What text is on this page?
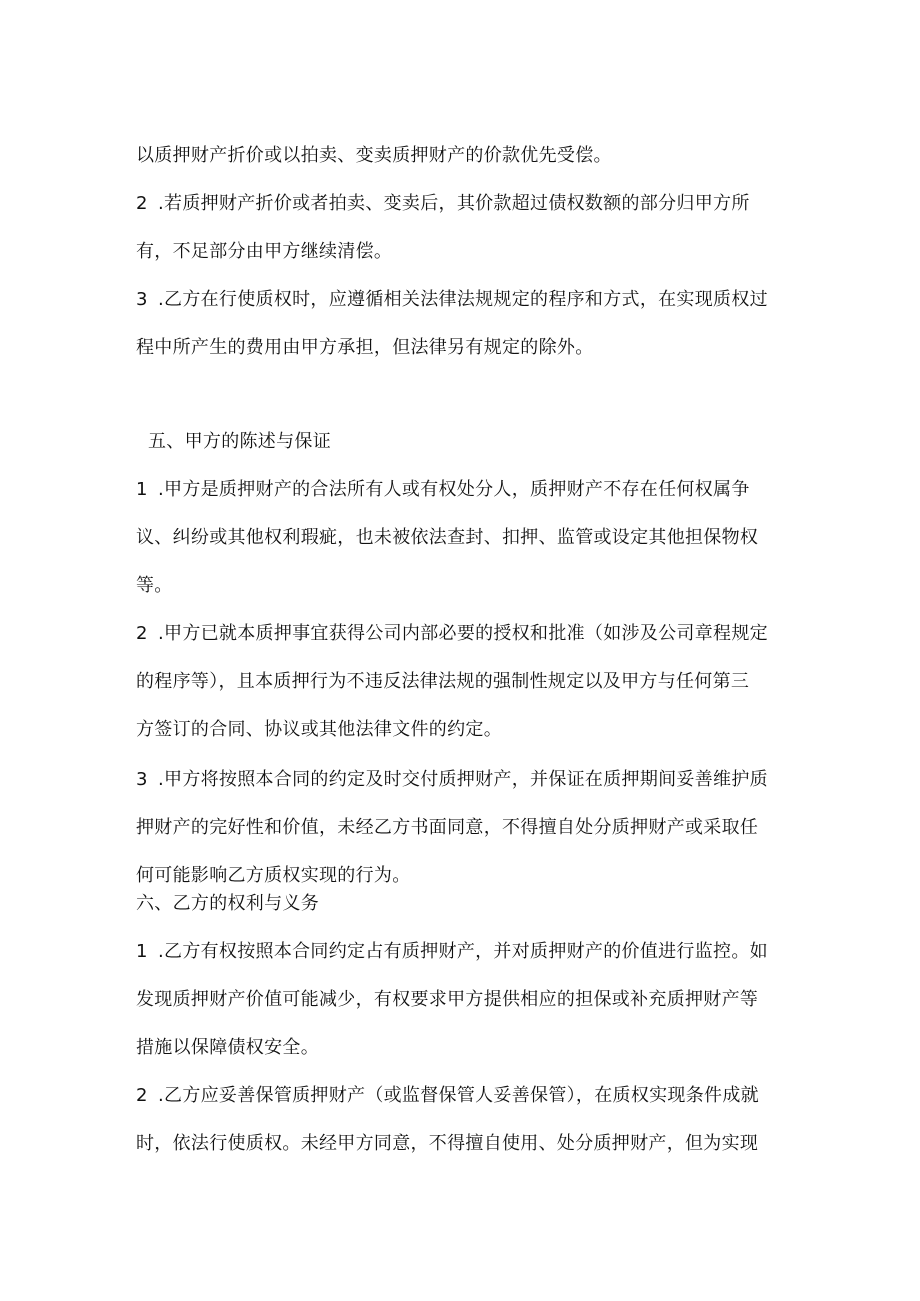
以质押财产折价或以拍卖、变卖质押财产的价款优先受偿。
2 .若质押财产折价或者拍卖、变卖后，其价款超过债权数额的部分归甲方所
有，不足部分由甲方继续清偿。
3 .乙方在行使质权时，应遵循相关法律法规规定的程序和方式，在实现质权过
程中所产生的费用由甲方承担，但法律另有规定的除外。
五、甲方的陈述与保证
1 .甲方是质押财产的合法所有人或有权处分人，质押财产不存在任何权属争
议、纠纷或其他权利瑕疵，也未被依法查封、扣押、监管或设定其他担保物权
等。
2 .甲方已就本质押事宜获得公司内部必要的授权和批准（如涉及公司章程规定
的程序等），且本质押行为不违反法律法规的强制性规定以及甲方与任何第三
方签订的合同、协议或其他法律文件的约定。
3 .甲方将按照本合同的约定及时交付质押财产，并保证在质押期间妥善维护质
押财产的完好性和价值，未经乙方书面同意，不得擅自处分质押财产或采取任
何可能影响乙方质权实现的行为。
六、乙方的权利与义务
1 .乙方有权按照本合同约定占有质押财产，并对质押财产的价值进行监控。如
发现质押财产价值可能减少，有权要求甲方提供相应的担保或补充质押财产等
措施以保障债权安全。
2 .乙方应妥善保管质押财产（或监督保管人妥善保管），在质权实现条件成就
时，依法行使质权。未经甲方同意，不得擅自使用、处分质押财产，但为实现
